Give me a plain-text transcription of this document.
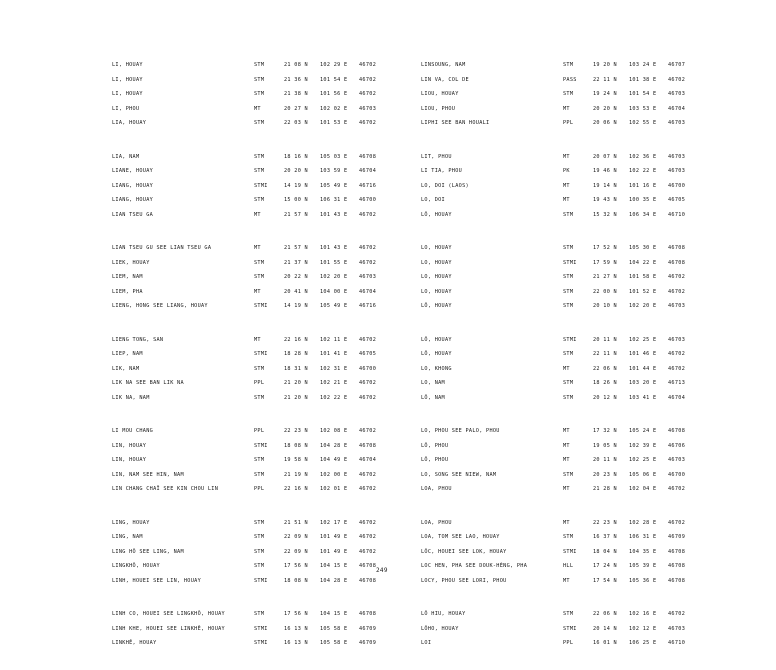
LI, HOUAY	STM	21 08 N 102 29 E 46702
LI, HOUAY	STM	21 36 N 101 54 E 46702
LI, HOUAY	STM	21 38 N 101 56 E 46702
LI, PHOU	MT	20 27 N 102 02 E 46703
LIA, HOUAY	STM	22 03 N 101 53 E 46702
LIA, NAM	STM	18 16 N 105 03 E 46708
LIANE, HOUAY	STM	20 20 N 103 59 E 46704
LIANG, HOUAY	STMI	14 19 N 105 49 E 46716
LIANG, HOUAY	STM	15 00 N 106 31 E 46700
LIAN TSEU GA	MT	21 57 N 101 43 E 46702
LIAN TSEU GU SEE LIAN TSEU GA	MT	21 57 N 101 43 E 46702
LIEK, HOUAY	STM	21 37 N 101 55 E 46702
LIEM, NAM	STM	20 22 N 102 20 E 46703
LIEM, PHA	MT	20 41 N 104 00 E 46704
LIENG, HONG SEE LIANG, HOUAY	STMI	14 19 N 105 49 E 46716
LIENG TONG, SAN	MT	22 16 N 102 11 E 46702
LIEP, NAM	STMI	18 28 N 101 41 E 46705
LIK, NAM	STM	18 31 N 102 31 E 46700
LIK NA SEE BAN LIK NA	PPL	21 20 N 102 21 E 46702
LIK NA, NAM	STM	21 20 N 102 22 E 46702
LI MOU CHANG	PPL	22 23 N 102 08 E 46702
LIN, HOUAY	STMI	18 08 N 104 28 E 46708
LIN, HOUAY	STM	19 58 N 104 49 E 46704
LIN, NAM SEE HIN, NAM	STM	21 19 N 102 00 E 46702
LIN CHANG CHAÏ SEE KIN CHOU LIN	PPL	22 16 N 102 01 E 46702
LING, HOUAY	STM	21 51 N 102 17 E 46702
LING, NAM	STM	22 09 N 101 49 E 46702
LING HÔ SEE LING, NAM	STM	22 09 N 101 49 E 46702
LINGKHÔ, HOUAY	STM	17 56 N 104 15 E 46708
LINH, HOUEI SEE LIN, HOUAY	STMI	18 08 N 104 28 E 46708
LINH CO, HOUEI SEE LINGKHÔ, HOUAY	STM	17 56 N 104 15 E 46708
LINH KHE, HOUEI SEE LINKHÊ, HOUAY	STMI	16 13 N 105 58 E 46709
LINKHÊ, HOUAY	STMI	16 13 N 105 58 E 46709
LINSOUNG, NAM	STM	19 20 N 103 24 E 46707
LIN VA, COL DE	PASS	22 11 N 101 38 E 46702
LIOU, HOUAY	STM	19 24 N 101 54 E 46703
LIOU, PHOU	MT	20 20 N 103 53 E 46704
LIPHI SEE BAN HOUALI	PPL	20 06 N 102 55 E 46703
LIT, PHOU	MT	20 07 N 102 36 E 46703
LI TIA, PHOU	PK	19 46 N 102 22 E 46703
LO, DOI (LAOS)	MT	19 14 N 101 16 E 46700
LO, DOI	MT	19 43 N 100 35 E 46705
LÔ, HOUAY	STM	15 32 N 106 34 E 46710
LO, HOUAY	STM	17 52 N 105 30 E 46708
LO, HOUAY	STMI	17 59 N 104 22 E 46708
LO, HOUAY	STM	21 27 N 101 58 E 46702
LO, HOUAY	STM	22 00 N 101 52 E 46702
LÔ, HOUAY	STM	20 10 N 102 20 E 46703
LÔ, HOUAY	STMI	20 11 N 102 25 E 46703
LÔ, HOUAY	STM	22 11 N 101 46 E 46702
LO, KHONG	MT	22 06 N 101 44 E 46702
LO, NAM	STM	18 26 N 103 20 E 46713
LÔ, NAM	STM	20 12 N 103 41 E 46704
LO, PHOU SEE PALO, PHOU	MT	17 32 N 105 24 E 46708
LÔ, PHOU	MT	19 05 N 102 39 E 46706
LÔ, PHOU	MT	20 11 N 102 25 E 46703
LO, SONG SEE NIEW, NAM	STM	20 23 N 105 06 E 46700
LOA, PHOU	MT	21 28 N 102 04 E 46702
LOA, PHOU	MT	22 23 N 102 28 E 46702
LOA, TOM SEE LAO, HOUAY	STM	16 37 N 106 31 E 46709
LÔC, HOUEI SEE LOK, HOUAY	STMI	18 04 N 104 35 E 46708
LOC HEN, PHA SEE DOUK-HÈNG, PHA	HLL	17 24 N 105 39 E 46708
LOCY, PHOU SEE LORI, PHOU	MT	17 54 N 105 36 E 46708
LÔ HIU, HOUAY	STM	22 06 N 102 16 E 46702
LÔHO, HOUAY	STMI	20 14 N 102 12 E 46703
LOI	PPL	16 01 N 106 25 E 46710
249
